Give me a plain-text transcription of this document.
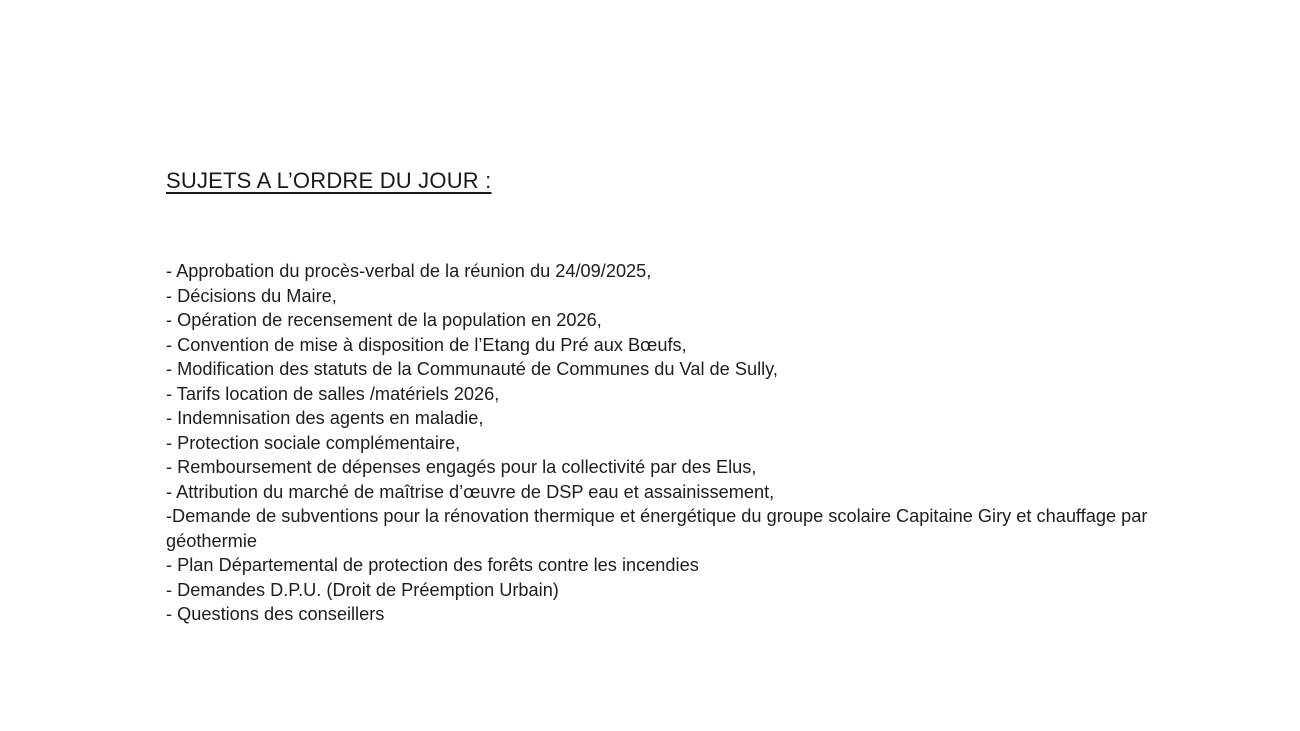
SUJETS A L’ORDRE DU JOUR :
- Approbation du procès-verbal de la réunion du 24/09/2025,
- Décisions du Maire,
- Opération de recensement de la population en 2026,
- Convention de mise à disposition de l’Etang du Pré aux Bœufs,
- Modification des statuts de la Communauté de Communes du Val de Sully,
- Tarifs location de salles /matériels 2026,
- Indemnisation des agents en maladie,
- Protection sociale complémentaire,
- Remboursement de dépenses engagés pour la collectivité par des Elus,
- Attribution du marché de maîtrise d’œuvre de DSP eau et assainissement,
-Demande de subventions pour la rénovation thermique et énergétique du groupe scolaire Capitaine Giry et chauffage par géothermie
- Plan Départemental de protection des forêts contre les incendies
- Demandes D.P.U. (Droit de Préemption Urbain)
- Questions des conseillers
